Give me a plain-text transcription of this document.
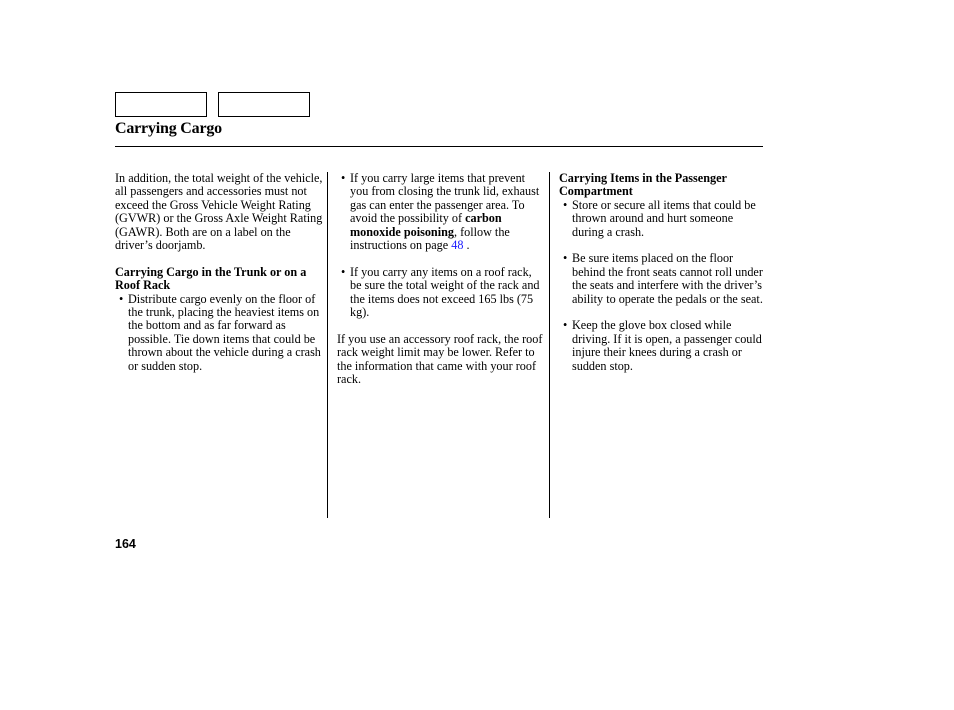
Carrying Cargo

In addition, the total weight of the vehicle, all passengers and accessories must not exceed the Gross Vehicle Weight Rating (GVWR) or the Gross Axle Weight Rating (GAWR). Both are on a label on the driver’s doorjamb.

Carrying Cargo in the Trunk or on a Roof Rack

• Distribute cargo evenly on the floor of the trunk, placing the heaviest items on the bottom and as far forward as possible. Tie down items that could be thrown about the vehicle during a crash or sudden stop.

• If you carry large items that prevent you from closing the trunk lid, exhaust gas can enter the passenger area. To avoid the possibility of carbon monoxide poisoning, follow the instructions on page 48 .

• If you carry any items on a roof rack, be sure the total weight of the rack and the items does not exceed 165 lbs (75 kg).

If you use an accessory roof rack, the roof rack weight limit may be lower. Refer to the information that came with your roof rack.

Carrying Items in the Passenger Compartment

• Store or secure all items that could be thrown around and hurt someone during a crash.

• Be sure items placed on the floor behind the front seats cannot roll under the seats and interfere with the driver’s ability to operate the pedals or the seat.

• Keep the glove box closed while driving. If it is open, a passenger could injure their knees during a crash or sudden stop.

164
